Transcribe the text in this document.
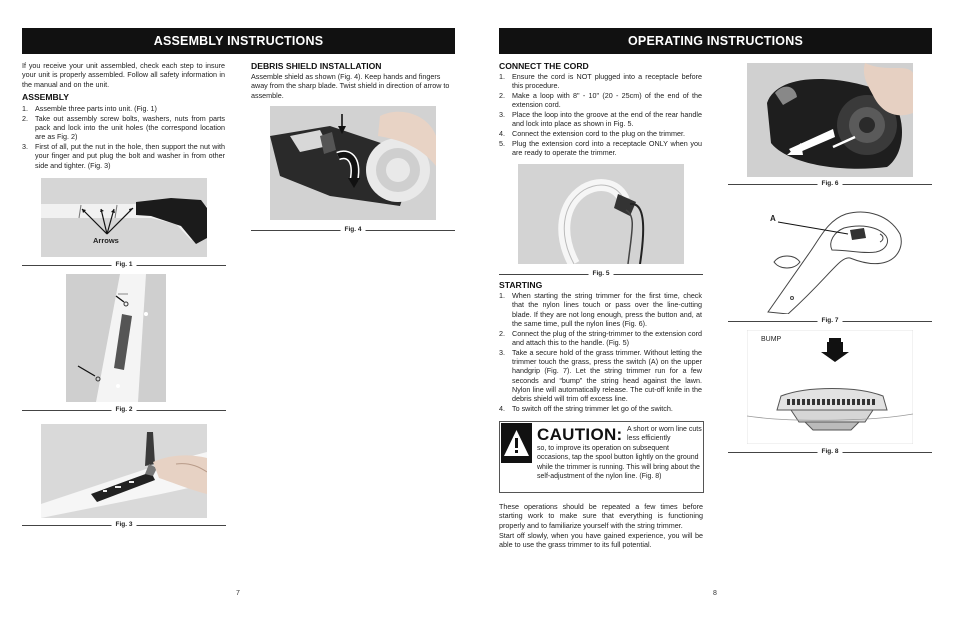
ASSEMBLY INSTRUCTIONS
If you receive your unit assembled, check each step to insure your unit is properly assembled. Follow all safety information in the manual and on the unit.
ASSEMBLY
1. Assemble three parts into unit. (Fig. 1)
2. Take out assembly screw bolts, washers, nuts from parts pack and lock into the unit holes (the correspond location are as Fig. 2)
3. First of all, put the nut in the hole, then support the nut with your finger and put plug the bolt and washer in from other side and tighter. (Fig. 3)
Arrows
Fig. 1
Fig. 2
Fig. 3
DEBRIS SHIELD INSTALLATION
Assemble shield as shown (Fig. 4). Keep hands and fingers away from the sharp blade. Twist shield in direction of arrow to assemble.
Fig. 4
7
OPERATING INSTRUCTIONS
CONNECT THE CORD
1. Ensure the cord is NOT plugged into a receptacle before this procedure.
2. Make a loop with 8" - 10" (20 - 25cm) of the end of the extension cord.
3. Place the loop into the groove at the end of the rear handle and lock into place as shown in Fig. 5.
4. Connect the extension cord to the plug on the trimmer.
5. Plug the extension cord into a receptacle ONLY when you are ready to operate the trimmer.
Fig. 5
STARTING
1. When starting the string trimmer for the first time, check that the nylon lines touch or pass over the line-cutting blade. If they are not long enough, press the button and, at the same time, pull the nylon lines (Fig. 6).
2. Connect the plug of the string-trimmer to the extension cord and attach this to the handle. (Fig. 5)
3. Take a secure hold of the grass trimmer. Without letting the trimmer touch the grass, press the switch (A) on the upper handgrip (Fig. 7). Let the string trimmer run for a few seconds and “bump” the string head against the lawn. Nylon line will automatically release. The cut-off knife in the debris shield will trim off excess line.
4. To switch off the string trimmer let go of the switch.
CAUTION: A short or worn line cuts less efficiently
so, to improve its operation on subsequent occasions, tap the spool button lightly on the ground while the trimmer is running. This will bring about the self-adjustment of the nylon line. (Fig. 8)
These operations should be repeated a few times before starting work to make sure that everything is functioning properly and to familiarize yourself with the string trimmer.
Start off slowly, when you have gained experience, you will be able to use the grass trimmer to its full potential.
Fig. 6
A
Fig. 7
BUMP
Fig. 8
8
